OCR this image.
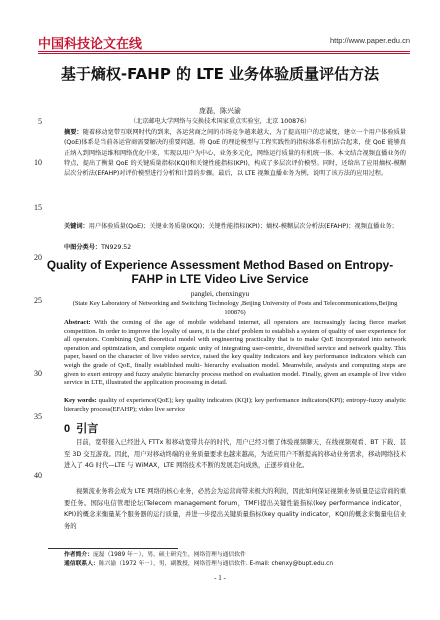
中国科技论文在线	http://www.paper.edu.cn
5
10
15
20
25
30
35
40
基于熵权-FAHP 的 LTE 业务体验质量评估方法
庞磊，陈兴渝
（北京邮电大学网络与交换技术国家重点实验室，北京 100876）
摘要：随着移动宽带互联网时代的到来，各运营商之间的市场竞争越来越大，为了提高用户的忠诚度，建立一个用户体验质量(QoE)体系是当前各运营商需要解决的重要问题。将 QoE 的理论模型与工程实践性的指标体系有机结合起来，使 QoE 能够真正纳入到网络运维和网络优化中来，实现以用户为中心，业务多元化，网络运行质量的有机统一体。本文结合视频直播业务的特点，提出了衡量 QoE 的关键质量指标(KQI)和关键性能指标(KPI)，构成了多层次评价模型。同时，还给出了应用熵权-模糊层次分析法(EFAHP)对评价模型进行分析和计算的步骤。最后，以 LTE 视频直播业务为例，说明了该方法的应用过程。
关键词：用户体验质量(QoE)；关键业务质量(KQI)；关键性能指标(KPI)；熵权-模糊层次分析法(EFAHP)；视频直播业务；
中图分类号：TN929.52
Quality of Experience Assessment Method Based on Entropy-FAHP in LTE Video Live Service
panglei, chenxingyu
(State Key Laboratory of Networking and Switching Technology ,Beijing University of Posts and Telecommunications,Beijing 100876)
Abstract: With the coming of the age of mobile wideband internet, all operators are increasingly facing fierce market competition. In order to improve the loyalty of users, it is the chief problem to establish a system of quality of user experience for all operators. Combining QoE theoretical model with engineering practicality that is to make QoE incorporated into network operation and optimization, and complete organic unity of integrating user-centric, diversified service and network quality. This paper, based on the character of live video service, raised the key quality indicators and key performance indicators which can weigh the grade of QoE, finally established multi- hierarchy evaluation model. Meanwhile, analysis and computing steps are given to exert entropy and fuzzy analytic hierarchy process method on evaluation model. Finally, given an example of live video service in LTE, illustrated the application processing in detail.
Key words: quality of experience(QoE); key quality indicators (KQI); key performance indicators(KPI); entropy-fuzzy analytic hierarchy process(EFAHP); video live service
0 引言
目前，宽带接入已经进入 FTTx 和移动宽带共存的时代，用户已经习惯了体验视频聊天、在线视频观看、BT 下载、甚至 3D 交互游戏。因此，用户对移动终端的业务质量要求也越来越高，为适应用户不断提高的移动业务需求，移动网络技术进入了 4G 时代—LTE 与 WiMAX，LTE 网络技术不断的发展走向成熟，正逐步商业化。
视频流业务将会成为 LTE 网络的核心业务，必然会为运营商带来极大的利润，因此如何保证视频业务质量是运营商的重要任务。国际电信管理论坛(Telecom management forum，TMF)提出关键性能指标(key performance indicator，KPI)的概念来衡量某个服务器的运行质量，并进一步提出关键质量指标(key quality indicator，KQI)的概念来衡量电信业务的
作者简介：庞磊（1989 年－），男，硕士研究生，网络管理与通信软件
通信联系人：陈兴渝（1972 年－），男，副教授，网络管理与通信软件. E-mail: chenxy@bupt.edu.cn
- 1 -
